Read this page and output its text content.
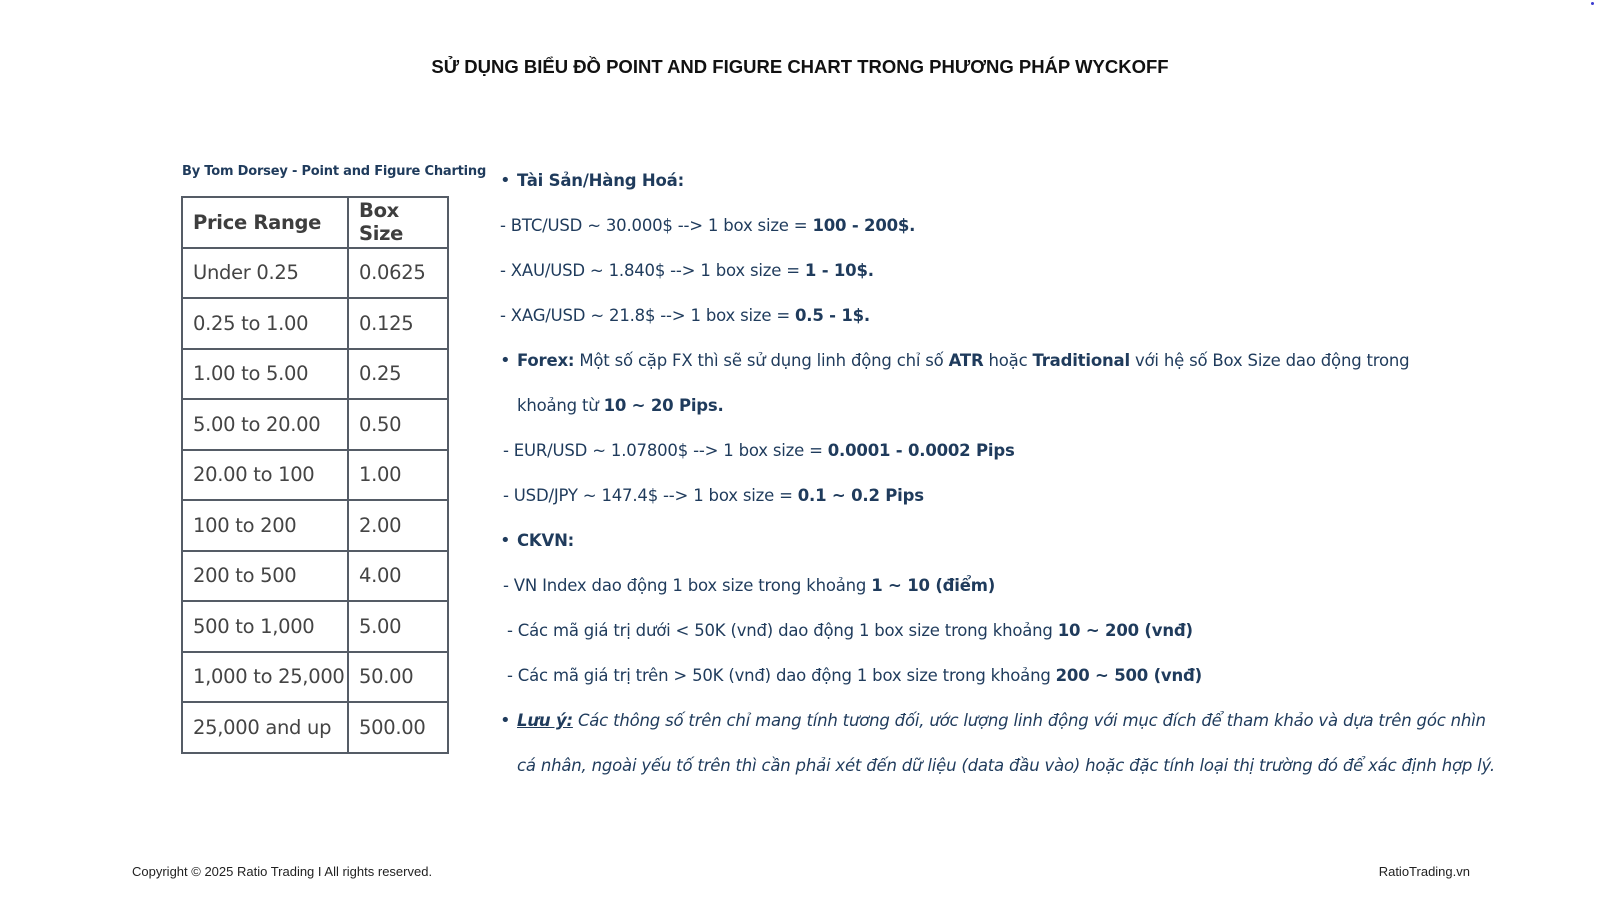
SỬ DỤNG BIỂU ĐỒ POINT AND FIGURE CHART TRONG PHƯƠNG PHÁP WYCKOFF
By Tom Dorsey - Point and Figure Charting
Price Range	Box Size
Under 0.25	0.0625
0.25 to 1.00	0.125
1.00 to 5.00	0.25
5.00 to 20.00	0.50
20.00 to 100	1.00
100 to 200	2.00
200 to 500	4.00
500 to 1,000	5.00
1,000 to 25,000	50.00
25,000 and up	500.00
• Tài Sản/Hàng Hoá:
- BTC/USD ~ 30.000$ --> 1 box size = 100 - 200$.
- XAU/USD ~ 1.840$ --> 1 box size = 1 - 10$.
- XAG/USD ~ 21.8$ --> 1 box size = 0.5 - 1$.
• Forex: Một số cặp FX thì sẽ sử dụng linh động chỉ số ATR hoặc Traditional với hệ số Box Size dao động trong
khoảng từ 10 ~ 20 Pips.
- EUR/USD ~ 1.07800$ --> 1 box size = 0.0001 - 0.0002 Pips
- USD/JPY ~ 147.4$ --> 1 box size = 0.1 ~ 0.2 Pips
• CKVN:
- VN Index dao động 1 box size trong khoảng 1 ~ 10 (điểm)
- Các mã giá trị dưới < 50K (vnđ) dao động 1 box size trong khoảng 10 ~ 200 (vnđ)
- Các mã giá trị trên > 50K (vnđ) dao động 1 box size trong khoảng 200 ~ 500 (vnđ)
• Lưu ý: Các thông số trên chỉ mang tính tương đối, ước lượng linh động với mục đích để tham khảo và dựa trên góc nhìn
cá nhân, ngoài yếu tố trên thì cần phải xét đến dữ liệu (data đầu vào) hoặc đặc tính loại thị trường đó để xác định hợp lý.
Copyright © 2025 Ratio Trading I All rights reserved.	RatioTrading.vn
